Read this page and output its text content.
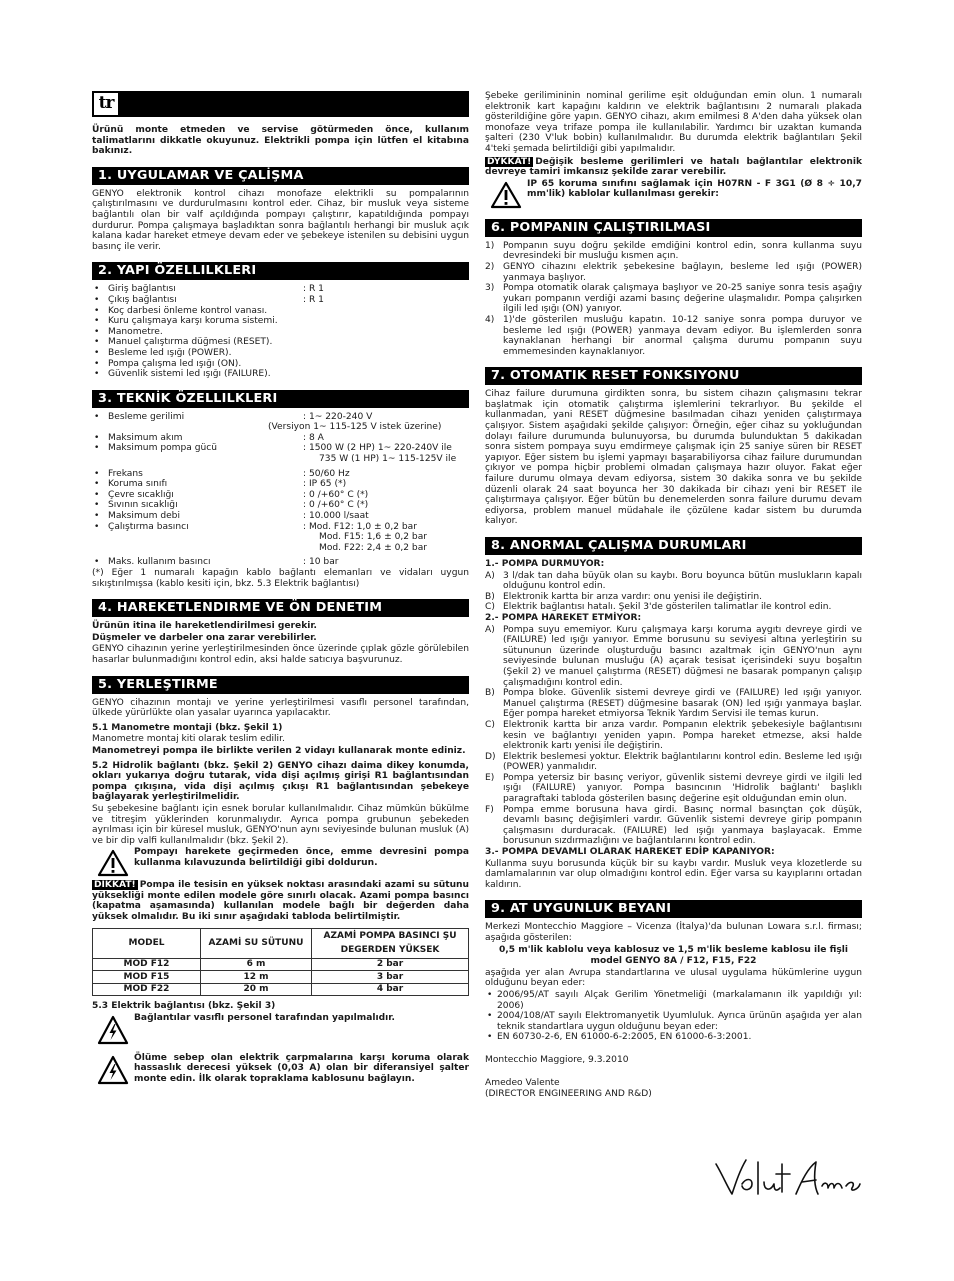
tr
Ürünü monte etmeden ve servise götürmeden önce, kullanım talimatlarını dikkatle okuyunuz. Elektrikli pompa için lütfen el kitabına bakınız.
1. UYGULAMAR VE ÇALİŞMA
GENYO elektronik kontrol cihazı monofaze elektrikli su pompalarının çalıştırılmasını ve durdurulmasını kontrol eder. Cihaz, bir musluk veya sisteme bağlantılı olan bir valf açıldığında pompayı çalıştırır, kapatıldığında pompayı durdurur. Pompa çalışmaya başladıktan sonra bağlantılı herhangi bir musluk açık kalana kadar hareket etmeye devam eder ve şebekeye istenilen su debisini uygun basınç ile verir.
2. YAPI ÖZELLILKLERI
• Giriş bağlantısı	: R 1
• Çıkış bağlantısı	: R 1
• Koç darbesi önleme kontrol vanası.
• Kuru çalışmaya karşı koruma sistemi.
• Manometre.
• Manuel çalıştırma düğmesi (RESET).
• Besleme led ışığı (POWER).
• Pompa çalışma led ışığı (ON).
• Güvenlik sistemi led ışığı (FAILURE).
3. TEKNİK ÖZELLILKLERI
• Besleme gerilimi	: 1~ 220-240 V
(Versiyon 1~ 115-125 V istek üzerine)
• Maksimum akım	: 8 A
• Maksimum pompa gücü	: 1500 W (2 HP) 1~ 220-240V ile
735 W (1 HP) 1~ 115-125V ile
• Frekans	: 50/60 Hz
• Koruma sınıfı	: IP 65 (*)
• Çevre sıcaklığı	: 0 /+60° C (*)
• Sıvının sıcaklığı	: 0 /+60° C (*)
• Maksimum debi	: 10.000 l/saat
• Çalıştırma basıncı	: Mod. F12: 1,0 ± 0,2 bar
Mod. F15: 1,6 ± 0,2 bar
Mod. F22: 2,4 ± 0,2 bar
• Maks. kullanım basıncı	: 10 bar
(*) Eğer 1 numaralı kapağın kablo bağlantı elemanları ve vidaları uygun sıkıştırılmışsa (kablo kesiti için, bkz. 5.3 Elektrik bağlantısı)
4. HAREKETLENDIRME VE ÖN DENETIM
Ürünün itina ile hareketlendirilmesi gerekir.
Düşmeler ve darbeler ona zarar verebilirler.
GENYO cihazının yerine yerleştirilmesinden önce üzerinde çıplak gözle görülebilen hasarlar bulunmadığını kontrol edin, aksi halde satıcıya başvurunuz.
5. YERLEŞTIRME
GENYO cihazının montajı ve yerine yerleştirilmesi vasıflı personel tarafından, ülkede yürürlükte olan yasalar uyarınca yapılacaktır.
5.1 Manometre montaji (bkz. Şekil 1)
Manometre montaj kiti olarak teslim edilir.
Manometreyi pompa ile birlikte verilen 2 vidayı kullanarak monte ediniz.
5.2 Hidrolik bağlantı (bkz. Şekil 2) GENYO cihazı daima dikey konumda, okları yukarıya doğru tutarak, vida dişi açılmış girişi R1 bağlantısından pompa çıkışına, vida dişi açılmış çıkışı R1 bağlantısından şebekeye bağlayarak yerleştirilmelidir.
Su şebekesine bağlantı için esnek borular kullanılmalıdır. Cihaz mümkün bükülme ve titreşim yüklerinden korunmalıydır. Ayrıca pompa grubunun şebekeden ayrılması için bir küresel musluk, GENYO'nun aynı seviyesinde bulunan musluk (A) ve bir dip valfi kullanılmalıdır (bkz. Şekil 2).
Pompayı harekete geçirmeden önce, emme devresini pompa kullanma kılavuzunda belirtildiği gibi doldurun.
DİKKAT! Pompa ile tesisin en yüksek noktası arasındaki azami su sütunu yüksekliği monte edilen modele göre sınırlı olacak. Azami pompa basıncı (kapatma aşamasında) kullanılan modele bağlı bir değerden daha yüksek olmalıdır. Bu iki sınır aşağıdaki tabloda belirtilmiştir.
MODEL	AZAMİ SU SÜTUNU	AZAMİ POMPA BASINCI ŞU DEGERDEN YÜKSEK
MOD F12	6 m	2 bar
MOD F15	12 m	3 bar
MOD F22	20 m	4 bar
5.3 Elektrik bağlantısı (bkz. Şekil 3)
Bağlantılar vasıflı personel tarafından yapılmalıdır.
Ölüme sebep olan elektrik çarpmalarına karşı koruma olarak hassaslık derecesi yüksek (0,03 A) olan bir diferansiyel şalter monte edin. İlk olarak topraklama kablosunu bağlayın.
Şebeke gerilimininin nominal gerilime eşit olduğundan emin olun. 1 numaralı elektronik kart kapağını kaldırın ve elektrik bağlantısını 2 numaralı plakada gösterildiğine göre yapın. GENYO cihazı, akım emilmesi 8 A'den daha yüksek olan monofaze veya trifaze pompa ile kullanılabilir. Yardımcı bir uzaktan kumanda şalteri (230 V'luk bobin) kullanılmalıdır. Bu durumda elektrik bağlantıları Şekil 4'teki şemada belirtildiği gibi yapılmalıdır.
DYKKAT! Değişik besleme gerilimleri ve hatalı bağlantılar elektronik devreye tamiri imkansız şekilde zarar verebilir.
IP 65 koruma sınıfını sağlamak için H07RN - F 3G1 (Ø 8 ÷ 10,7 mm'lik) kablolar kullanılması gerekir:
6. POMPANIN ÇALIŞTIRILMASI
1) Pompanın suyu doğru şekilde emdiğini kontrol edin, sonra kullanma suyu devresindeki bir musluğu kısmen açın.
2) GENYO cihazını elektrik şebekesine bağlayın, besleme led ışığı (POWER) yanmaya başlıyor.
3) Pompa otomatik olarak çalışmaya başlıyor ve 20-25 saniye sonra tesis aşağıy yukarı pompanın verdiği azami basınç değerine ulaşmalıdır. Pompa çalışırken ilgili led ışığı (ON) yanıyor.
4) 1)'de gösterilen musluğu kapatın. 10-12 saniye sonra pompa duruyor ve besleme led ışığı (POWER) yanmaya devam ediyor. Bu işlemlerden sonra kaynaklanan herhangi bir anormal çalışma durumu pompanın suyu emmemesinden kaynaklanıyor.
7. OTOMATIK RESET FONKSIYONU
Cihaz failure durumuna girdikten sonra, bu sistem cihazın çalışmasını tekrar başlatmak için otomatik çalıştırma işlemlerini tekrarlıyor. Bu şekilde el kullanmadan, yani RESET düğmesine basılmadan cihazı yeniden çalıştırmaya çalışıyor. Sistem aşağıdaki şekilde çalışıyor: Örneğin, eğer cihaz su yokluğundan dolayı failure durumunda bulunuyorsa, bu durumda bulunduktan 5 dakikadan sonra sistem pompaya suyu emdirmeye çalışmak için 25 saniye süren bir RESET yapıyor. Eğer sistem bu işlemi yapmayı başarabiliyorsa cihaz failure durumundan çıkıyor ve pompa hiçbir problemi olmadan çalışmaya hazır oluyor. Fakat eğer failure durumu olmaya devam ediyorsa, sistem 30 dakika sonra ve bu şekilde düzenli olarak 24 saat boyunca her 30 dakikada bir cihazı yeni bir RESET ile çalıştırmaya çalışıyor. Eğer bütün bu denemelerden sonra failure durumu devam ediyorsa, problem manuel müdahale ile çözülene kadar sistem bu durumda kalıyor.
8. ANORMAL ÇALIŞMA DURUMLARI
1.- POMPA DURMUYOR:
A) 3 l/dak tan daha büyük olan su kaybı. Boru boyunca bütün muslukların kapalı olduğunu kontrol edin.
B) Elektronik kartta bir arıza vardır: onu yenisi ile değiştirin.
C) Elektrik bağlantısı hatalı. Şekil 3'de gösterilen talimatlar ile kontrol edin.
2.- POMPA HAREKET ETMİYOR:
A) Pompa suyu ememiyor. Kuru çalışmaya karşı koruma aygıtı devreye girdi ve (FAILURE) led ışığı yanıyor. Emme borusunu su seviyesi altına yerleştirin su sütununun üzerinde oluşturduğu basıncı azaltmak için GENYO'nun aynı seviyesinde bulunan musluğu (A) açarak tesisat içerisindeki suyu boşaltın (Şekil 2) ve manuel çalıştırma (RESET) düğmesi ne basarak pompanyn çalışıp çalışmadığını kontrol edin.
B) Pompa bloke. Güvenlik sistemi devreye girdi ve (FAILURE) led ışığı yanıyor. Manuel çalıştırma (RESET) düğmesine basarak (ON) led ışığı yanmaya başlar. Eğer pompa hareket etmiyorsa Teknik Yardım Servisi ile temas kurun.
C) Elektronik kartta bir arıza vardır. Pompanın elektrik şebekesiyle bağlantısını kesin ve bağlantıyı yeniden yapın. Pompa hareket etmezse, aksi halde elektronik kartı yenisi ile değiştirin.
D) Elektrik beslemesi yoktur. Elektrik bağlantılarını kontrol edin. Besleme led ışığı (POWER) yanmalıdır.
E) Pompa yetersiz bir basınç veriyor, güvenlik sistemi devreye girdi ve ilgili led ışığı (FAILURE) yanıyor. Pompa basıncının 'Hidrolik bağlantı' başlıklı paragraftaki tabloda gösterilen basınç değerine eşit olduğundan emin olun.
F) Pompa emme borusuna hava girdi. Basınç normal basınçtan çok düşük, devamlı basınç değişimleri vardır. Güvenlik sistemi devreye girip pompanın çalışmasını durduracak. (FAILURE) led ışığı yanmaya başlayacak. Emme borusunun sızdırmazlığını ve bağlantılarını kontrol edin.
3.- POMPA DEVAMLI OLARAK HAREKET EDİP KAPANIYOR:
Kullanma suyu borusunda küçük bir su kaybı vardır. Musluk veya klozetlerde su damlamalarının var olup olmadığını kontrol edin. Eğer varsa su kayıplarını ortadan kaldırın.
9. AT UYGUNLUK BEYANI
Merkezi Montecchio Maggiore – Vicenza (İtalya)'da bulunan Lowara s.r.l. firması; aşağıda gösterilen:
0,5 m'lik kablolu veya kablosuz ve 1,5 m'lik besleme kablosu ile fişli
model GENYO 8A / F12, F15, F22
aşağıda yer alan Avrupa standartlarına ve ulusal uygulama hükümlerine uygun olduğunu beyan eder:
• 2006/95/AT sayılı Alçak Gerilim Yönetmeliği (markalamanın ilk yapıldığı yıl: 2006)
• 2004/108/AT sayılı Elektromanyetik Uyumluluk. Ayrıca ürünün aşağıda yer alan teknik standartlara uygun olduğunu beyan eder:
• EN 60730-2-6, EN 61000-6-2:2005, EN 61000-6-3:2001.
Montecchio Maggiore, 9.3.2010
Amedeo Valente
(DIRECTOR ENGINEERING AND R&D)
